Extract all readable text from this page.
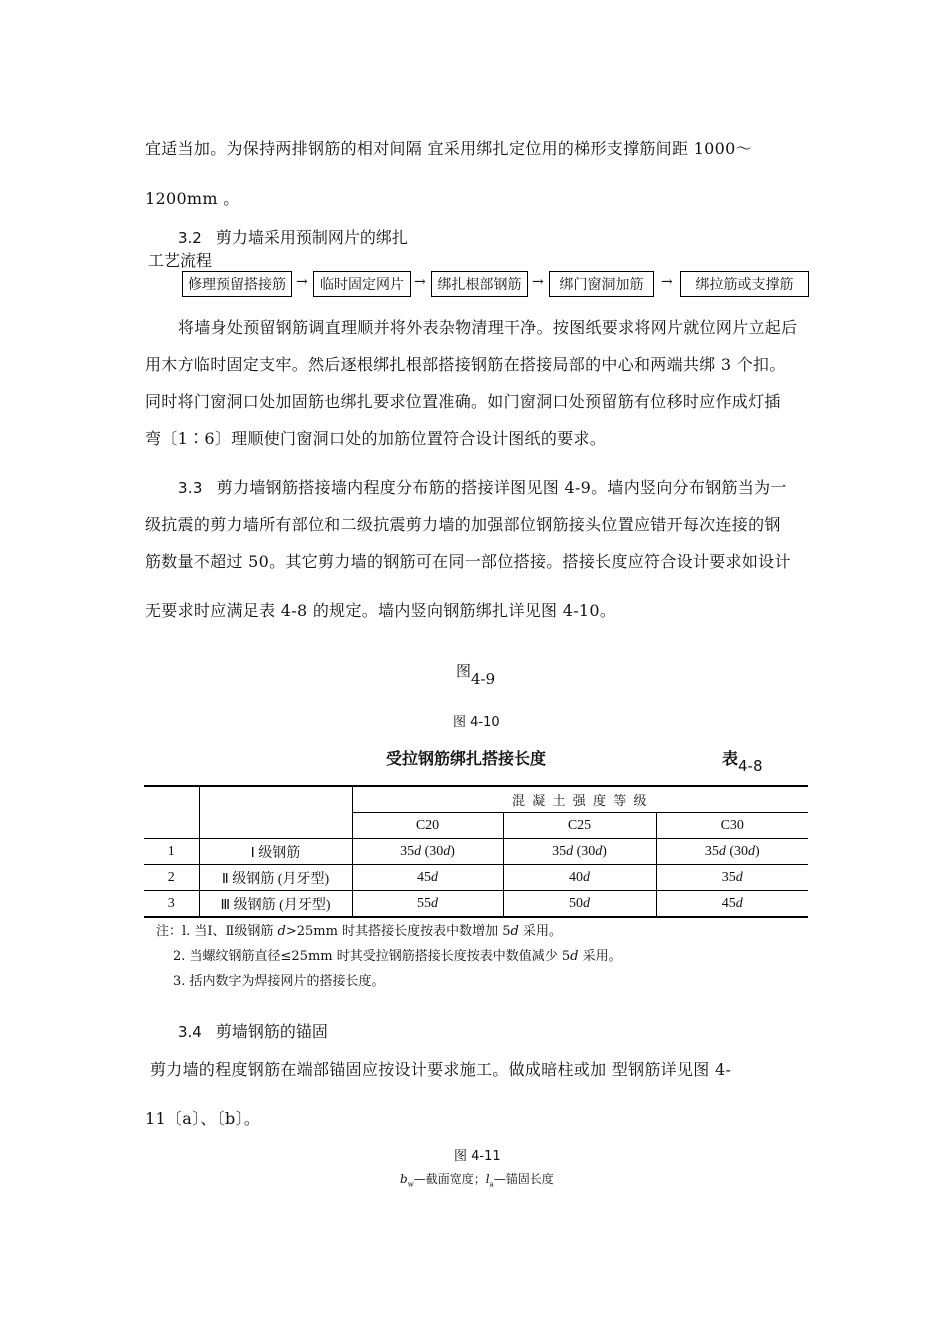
宜适当加。为保持两排钢筋的相对间隔 宜采用绑扎定位用的梯形支撑筋间距 1000～
1200mm 。
3.2 剪力墙采用预制网片的绑扎
工艺流程
修理预留搭接筋 → 临时固定网片 → 绑扎根部钢筋 →	绑门窗洞加筋	→	绑拉筋或支撑筋
将墙身处预留钢筋调直理顺并将外表杂物清理干净。按图纸要求将网片就位网片立起后
用木方临时固定支牢。然后逐根绑扎根部搭接钢筋在搭接局部的中心和两端共绑 3 个扣。
同时将门窗洞口处加固筋也绑扎要求位置准确。如门窗洞口处预留筋有位移时应作成灯插
弯〔1∶6〕理顺使门窗洞口处的加筋位置符合设计图纸的要求。
3.3 剪力墙钢筋搭接墙内程度分布筋的搭接详图见图 4-9。墙内竖向分布钢筋当为一
级抗震的剪力墙所有部位和二级抗震剪力墙的加强部位钢筋接头位置应错开每次连接的钢
筋数量不超过 50。其它剪力墙的钢筋可在同一部位搭接。搭接长度应符合设计要求如设计
无要求时应满足表 4-8 的规定。墙内竖向钢筋绑扎详见图 4-10。
图4-9
图 4-10
受拉钢筋绑扎搭接长度	表4-8
		混 凝 土 强 度 等 级		
		C20	C25	C30
1	Ⅰ 级钢筋	35d (30d)	35d (30d)	35d (30d)
2	Ⅱ 级钢筋 (月牙型)	45d	40d	35d
3	Ⅲ 级钢筋 (月牙型)	55d	50d	45d
注：l. 当Ⅰ、Ⅱ级钢筋 d>25mm 时其搭接长度按表中数增加 5d 采用。
2. 当螺纹钢筋直径≤25mm 时其受拉钢筋搭接长度按表中数值减少 5d 采用。
3. 括内数字为焊接网片的搭接长度。
3.4 剪墙钢筋的锚固
剪力墙的程度钢筋在端部锚固应按设计要求施工。做成暗柱或加 型钢筋详见图 4-
11〔a〕、〔b〕。
图 4-11
$b_w—$截面宽度；$l_a—$锚固长度
